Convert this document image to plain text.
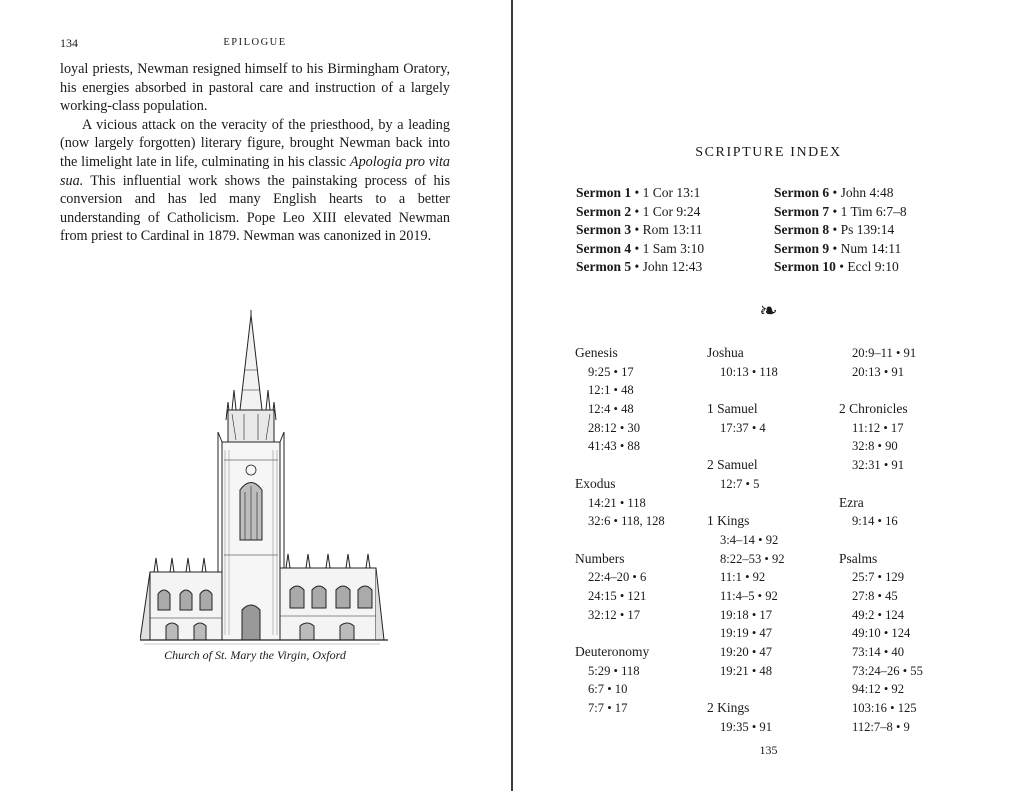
134	EPILOGUE

loyal priests, Newman resigned himself to his Birmingham Oratory, his energies absorbed in pastoral care and instruction of a largely working-class population.

A vicious attack on the veracity of the priesthood, by a leading (now largely forgotten) literary figure, brought Newman back into the limelight late in life, culminating in his classic Apologia pro vita sua. This influential work shows the painstaking process of his conversion and has led many English hearts to a better understanding of Catholicism. Pope Leo XIII elevated Newman from priest to Cardinal in 1879. Newman was canonized in 2019.

Church of St. Mary the Virgin, Oxford
SCRIPTURE INDEX
Sermon 1 • 1 Cor 13:1
Sermon 2 • 1 Cor 9:24
Sermon 3 • Rom 13:11
Sermon 4 • 1 Sam 3:10
Sermon 5 • John 12:43
Sermon 6 • John 4:48
Sermon 7 • 1 Tim 6:7–8
Sermon 8 • Ps 139:14
Sermon 9 • Num 14:11
Sermon 10 • Eccl 9:10
❧
Genesis
9:25 • 17
12:1 • 48
12:4 • 48
28:12 • 30
41:43 • 88
Exodus
14:21 • 118
32:6 • 118, 128
Numbers
22:4–20 • 6
24:15 • 121
32:12 • 17
Deuteronomy
5:29 • 118
6:7 • 10
7:7 • 17
Joshua
10:13 • 118
1 Samuel
17:37 • 4
2 Samuel
12:7 • 5
1 Kings
3:4–14 • 92
8:22–53 • 92
11:1 • 92
11:4–5 • 92
19:18 • 17
19:19 • 47
19:20 • 47
19:21 • 48
2 Kings
19:35 • 91
20:9–11 • 91
20:13 • 91
2 Chronicles
11:12 • 17
32:8 • 90
32:31 • 91
Ezra
9:14 • 16
Psalms
25:7 • 129
27:8 • 45
49:2 • 124
49:10 • 124
73:14 • 40
73:24–26 • 55
94:12 • 92
103:16 • 125
112:7–8 • 9
135
